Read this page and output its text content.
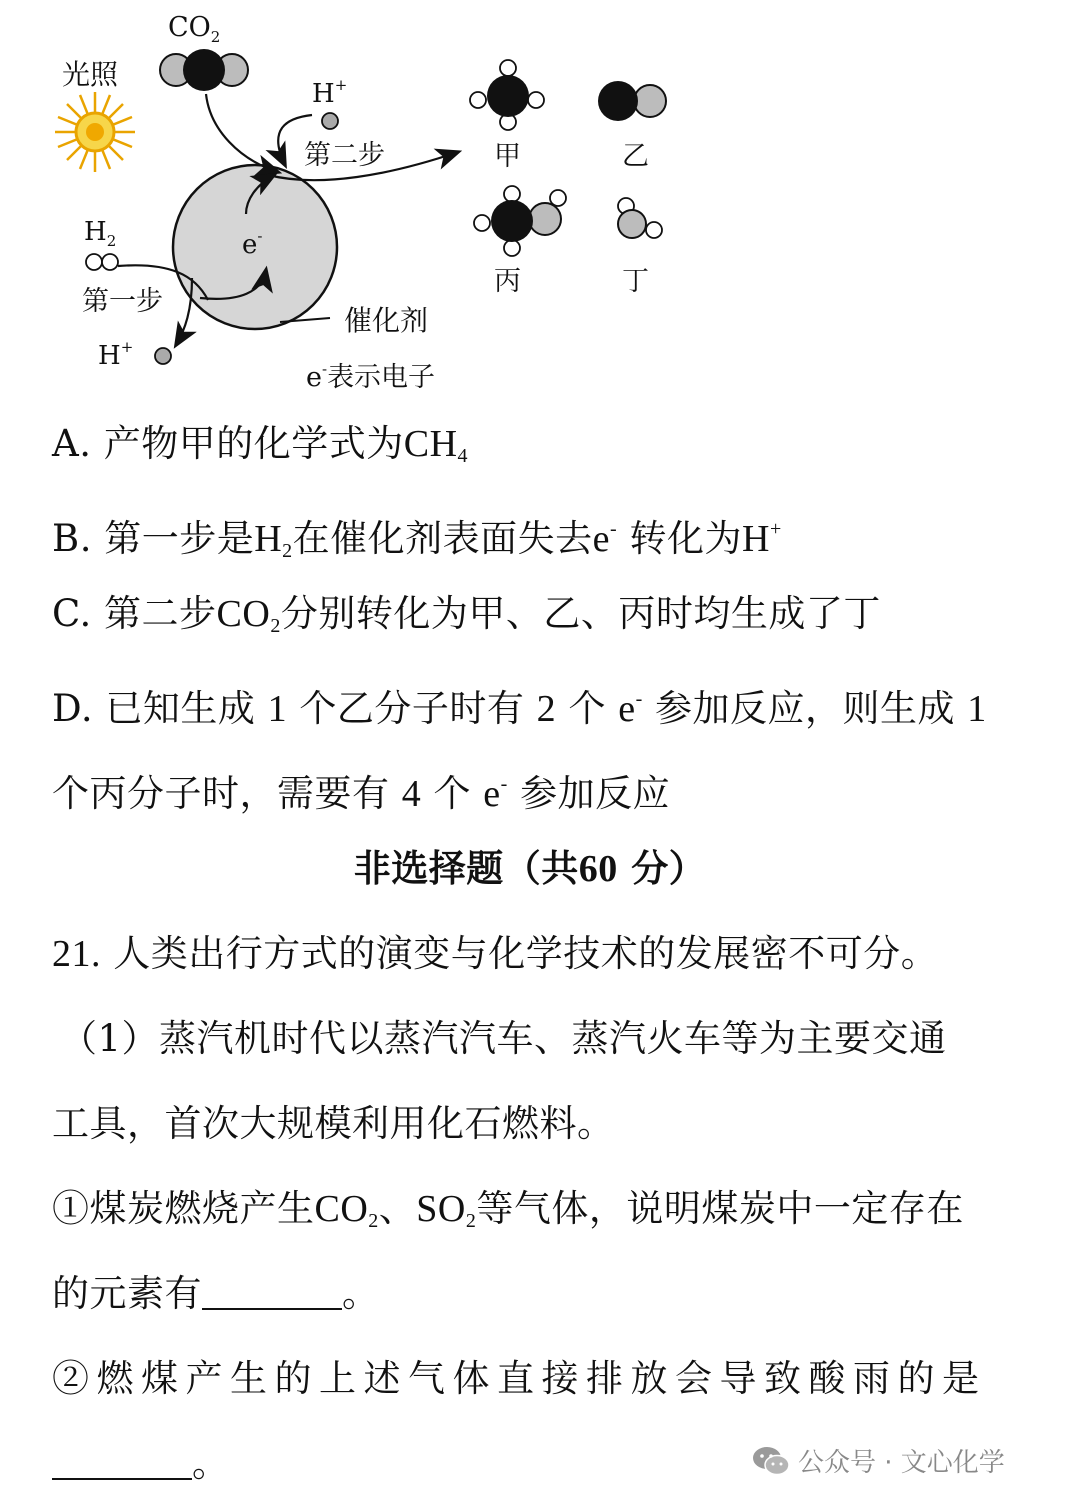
光照
$CO_2$
H+
e-
第二步
$H_2$
第一步
H+
催化剂
e-表示电子
甲	乙
丙	丁
A. 产物甲的化学式为$CH_4$
B. 第一步是$H_2$在催化剂表面失去e- 转化为H+
C. 第二步$CO_2$分别转化为甲、乙、丙时均生成了丁
D. 已知生成 1 个乙分子时有 2 个 e- 参加反应，则生成 1
个丙分子时，需要有 4 个 e- 参加反应
非选择题（共60 分）
21. 人类出行方式的演变与化学技术的发展密不可分。
（1）蒸汽机时代以蒸汽汽车、蒸汽火车等为主要交通
工具，首次大规模利用化石燃料。
①煤炭燃烧产生$CO_2$、$SO_2$等气体，说明煤炭中一定存在
的元素有	。
②燃煤产生的上述气体直接排放会导致酸雨的是
。	公众号 · 文心化学
